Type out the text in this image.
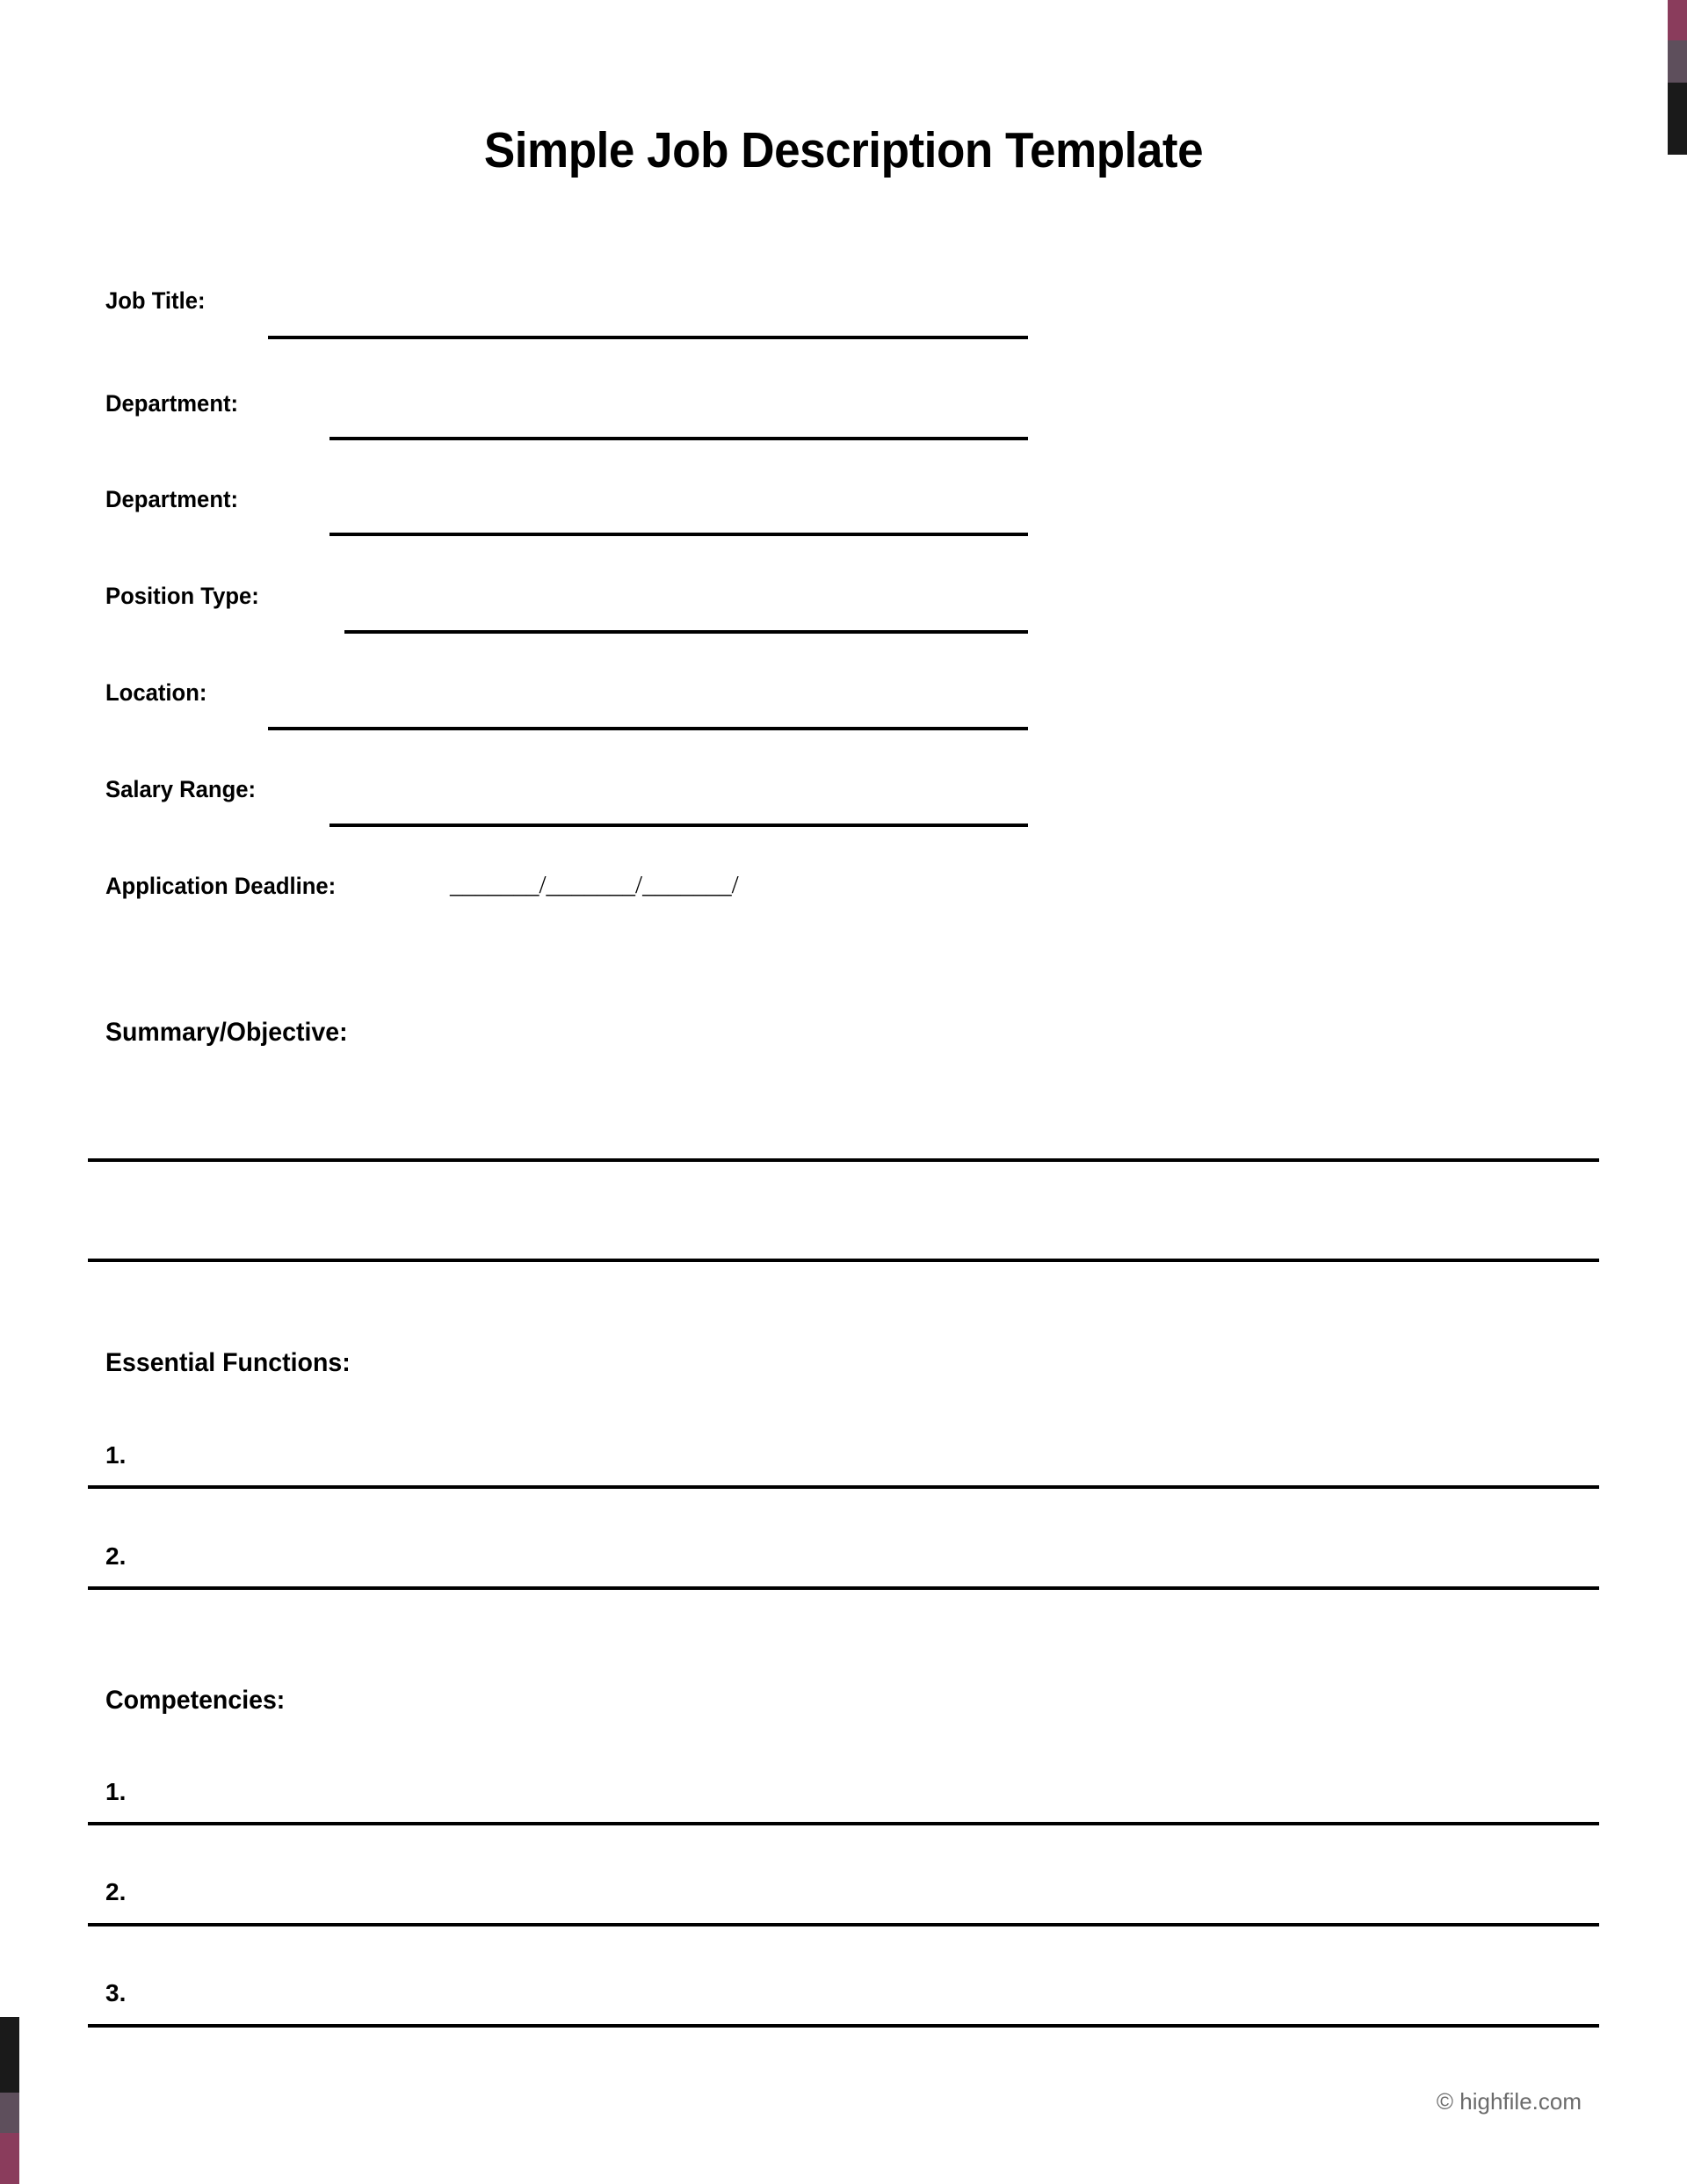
Simple Job Description Template
Job Title:
Department:
Department:
Position Type:
Location:
Salary Range:
Application Deadline:	_______/_______/_______/
Summary/Objective:
Essential Functions:
1.
2.
Competencies:
1.
2.
3.
© highfile.com
